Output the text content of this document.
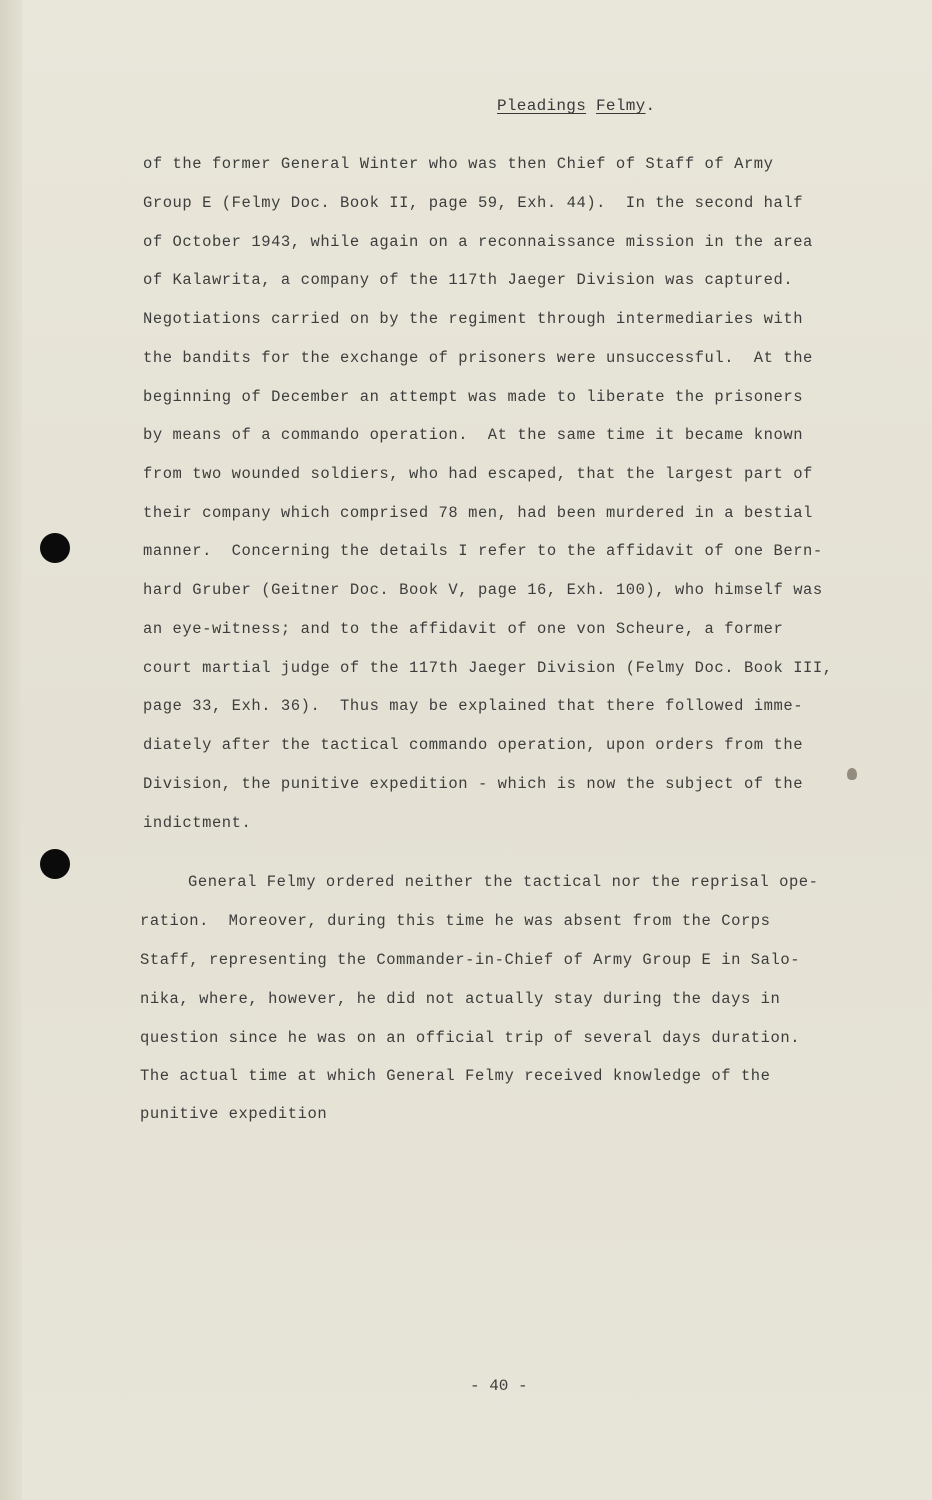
Pleadings Felmy.
of the former General Winter who was then Chief of Staff of Army
Group E (Felmy Doc. Book II, page 59, Exh. 44).  In the second half
of October 1943, while again on a reconnaissance mission in the area
of Kalawrita, a company of the 117th Jaeger Division was captured.
Negotiations carried on by the regiment through intermediaries with
the bandits for the exchange of prisoners were unsuccessful.  At the
beginning of December an attempt was made to liberate the prisoners
by means of a commando operation.  At the same time it became known
from two wounded soldiers, who had escaped, that the largest part of
their company which comprised 78 men, had been murdered in a bestial
manner.  Concerning the details I refer to the affidavit of one Bern-
hard Gruber (Geitner Doc. Book V, page 16, Exh. 100), who himself was
an eye-witness; and to the affidavit of one von Scheure, a former
court martial judge of the 117th Jaeger Division (Felmy Doc. Book III,
page 33, Exh. 36).  Thus may be explained that there followed imme-
diately after the tactical commando operation, upon orders from the
Division, the punitive expedition - which is now the subject of the
indictment.
General Felmy ordered neither the tactical nor the reprisal ope-
ration.  Moreover, during this time he was absent from the Corps
Staff, representing the Commander-in-Chief of Army Group E in Salo-
nika, where, however, he did not actually stay during the days in
question since he was on an official trip of several days duration.
The actual time at which General Felmy received knowledge of the
punitive expedition
- 40 -
